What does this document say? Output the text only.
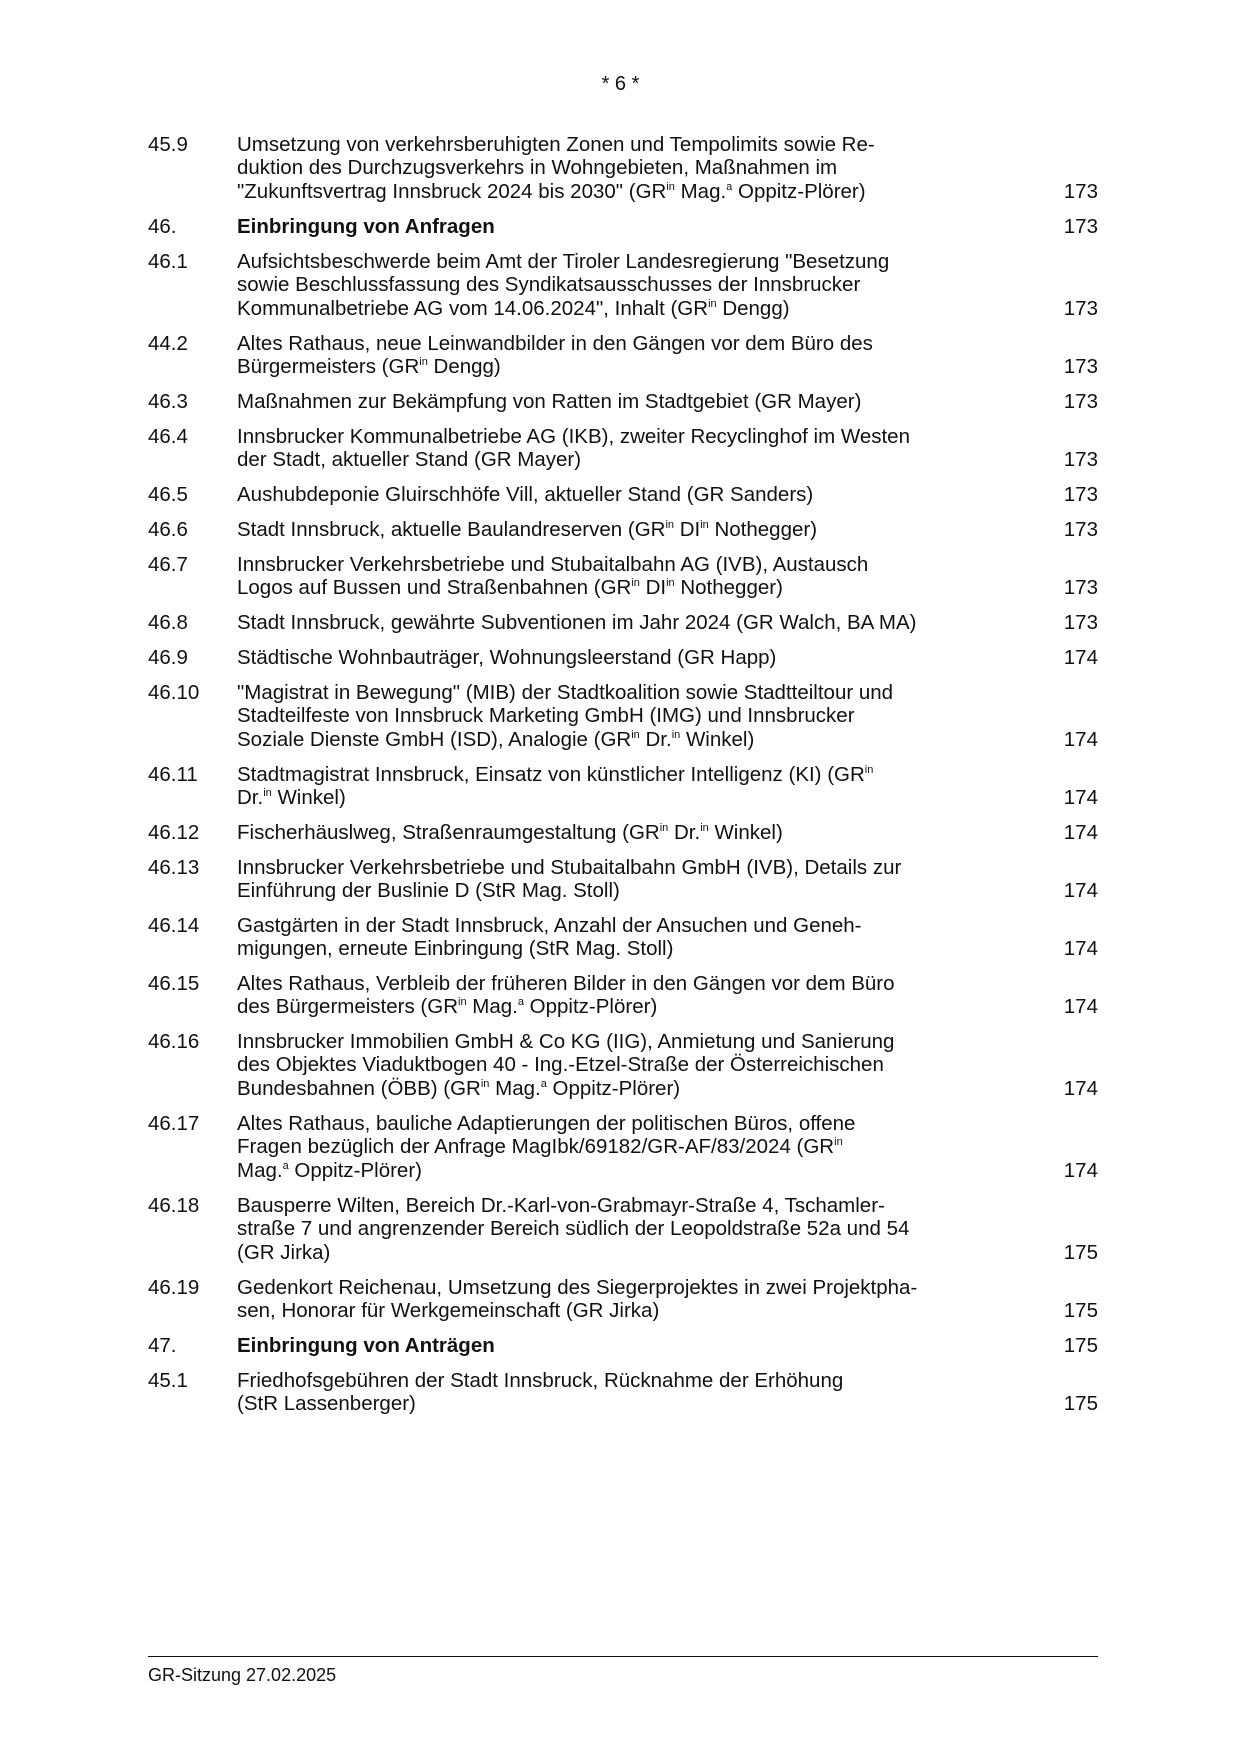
* 6 *
45.9	Umsetzung von verkehrsberuhigten Zonen und Tempolimits sowie Re-
duktion des Durchzugsverkehrs in Wohngebieten, Maßnahmen im
"Zukunftsvertrag Innsbruck 2024 bis 2030" ($GR^{in}$ Mag.$^a$ Oppitz-Plörer)	173
46.	Einbringung von Anfragen	173
46.1	Aufsichtsbeschwerde beim Amt der Tiroler Landesregierung "Besetzung
sowie Beschlussfassung des Syndikatsausschusses der Innsbrucker
Kommunalbetriebe AG vom 14.06.2024", Inhalt ($GR^{in}$ Dengg)	173
44.2	Altes Rathaus, neue Leinwandbilder in den Gängen vor dem Büro des
Bürgermeisters ($GR^{in}$ Dengg)	173
46.3	Maßnahmen zur Bekämpfung von Ratten im Stadtgebiet (GR Mayer)	173
46.4	Innsbrucker Kommunalbetriebe AG (IKB), zweiter Recyclinghof im Westen
der Stadt, aktueller Stand (GR Mayer)	173
46.5	Aushubdeponie Gluirschhöfe Vill, aktueller Stand (GR Sanders)	173
46.6	Stadt Innsbruck, aktuelle Baulandreserven ($GR^{in}$ $DI^{in}$ Nothegger)	173
46.7	Innsbrucker Verkehrsbetriebe und Stubaitalbahn AG (IVB), Austausch
Logos auf Bussen und Straßenbahnen ($GR^{in}$ $DI^{in}$ Nothegger)	173
46.8	Stadt Innsbruck, gewährte Subventionen im Jahr 2024 (GR Walch, BA MA)	173
46.9	Städtische Wohnbauträger, Wohnungsleerstand (GR Happ)	174
46.10	"Magistrat in Bewegung" (MIB) der Stadtkoalition sowie Stadtteiltour und
Stadteilfeste von Innsbruck Marketing GmbH (IMG) und Innsbrucker
Soziale Dienste GmbH (ISD), Analogie ($GR^{in}$ Dr.$^{in}$ Winkel)	174
46.11	Stadtmagistrat Innsbruck, Einsatz von künstlicher Intelligenz (KI) ($GR^{in}$
Dr.$^{in}$ Winkel)	174
46.12	Fischerhäuslweg, Straßenraumgestaltung ($GR^{in}$ Dr.$^{in}$ Winkel)	174
46.13	Innsbrucker Verkehrsbetriebe und Stubaitalbahn GmbH (IVB), Details zur
Einführung der Buslinie D (StR Mag. Stoll)	174
46.14	Gastgärten in der Stadt Innsbruck, Anzahl der Ansuchen und Geneh-
migungen, erneute Einbringung (StR Mag. Stoll)	174
46.15	Altes Rathaus, Verbleib der früheren Bilder in den Gängen vor dem Büro
des Bürgermeisters ($GR^{in}$ Mag.$^a$ Oppitz-Plörer)	174
46.16	Innsbrucker Immobilien GmbH & Co KG (IIG), Anmietung und Sanierung
des Objektes Viaduktbogen 40 - Ing.-Etzel-Straße der Österreichischen
Bundesbahnen (ÖBB) ($GR^{in}$ Mag.$^a$ Oppitz-Plörer)	174
46.17	Altes Rathaus, bauliche Adaptierungen der politischen Büros, offene
Fragen bezüglich der Anfrage MagIbk/69182/GR-AF/83/2024 ($GR^{in}$
Mag.$^a$ Oppitz-Plörer)	174
46.18	Bausperre Wilten, Bereich Dr.-Karl-von-Grabmayr-Straße 4, Tschamler-
straße 7 und angrenzender Bereich südlich der Leopoldstraße 52a und 54
(GR Jirka)	175
46.19	Gedenkort Reichenau, Umsetzung des Siegerprojektes in zwei Projektpha-
sen, Honorar für Werkgemeinschaft (GR Jirka)	175
47.	Einbringung von Anträgen	175
45.1	Friedhofsgebühren der Stadt Innsbruck, Rücknahme der Erhöhung
(StR Lassenberger)	175
GR-Sitzung 27.02.2025
